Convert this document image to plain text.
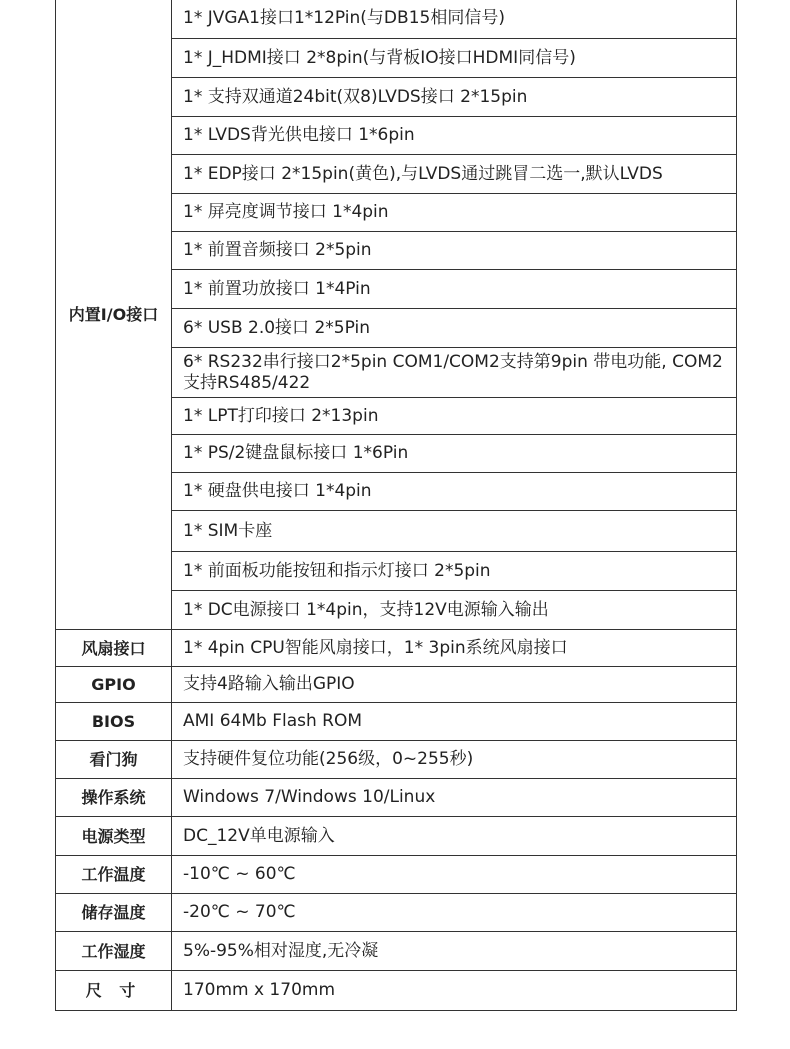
内置I/O接口	1* JVGA1接口1*12Pin(与DB15相同信号)
	1* J_HDMI接口 2*8pin(与背板IO接口HDMI同信号)
	1* 支持双通道24bit(双8)LVDS接口 2*15pin
	1* LVDS背光供电接口 1*6pin
	1* EDP接口 2*15pin(黄色),与LVDS通过跳冒二选一,默认LVDS
	1* 屏亮度调节接口 1*4pin
	1* 前置音频接口 2*5pin
	1* 前置功放接口 1*4Pin
	6* USB 2.0接口 2*5Pin
	6* RS232串行接口2*5pin COM1/COM2支持第9pin 带电功能, COM2支持RS485/422
	1* LPT打印接口 2*13pin
	1* PS/2键盘鼠标接口 1*6Pin
	1* 硬盘供电接口 1*4pin
	1* SIM卡座
	1* 前面板功能按钮和指示灯接口 2*5pin
	1* DC电源接口 1*4pin，支持12V电源输入输出
风扇接口	1* 4pin CPU智能风扇接口，1* 3pin系统风扇接口
GPIO	支持4路输入输出GPIO
BIOS	AMI 64Mb Flash ROM
看门狗	支持硬件复位功能(256级，0~255秒)
操作系统	Windows 7/Windows 10/Linux
电源类型	DC_12V单电源输入
工作温度	-10℃ ~ 60℃
储存温度	-20℃ ~ 70℃
工作湿度	5%-95%相对湿度,无冷凝
尺 寸	170mm x 170mm
